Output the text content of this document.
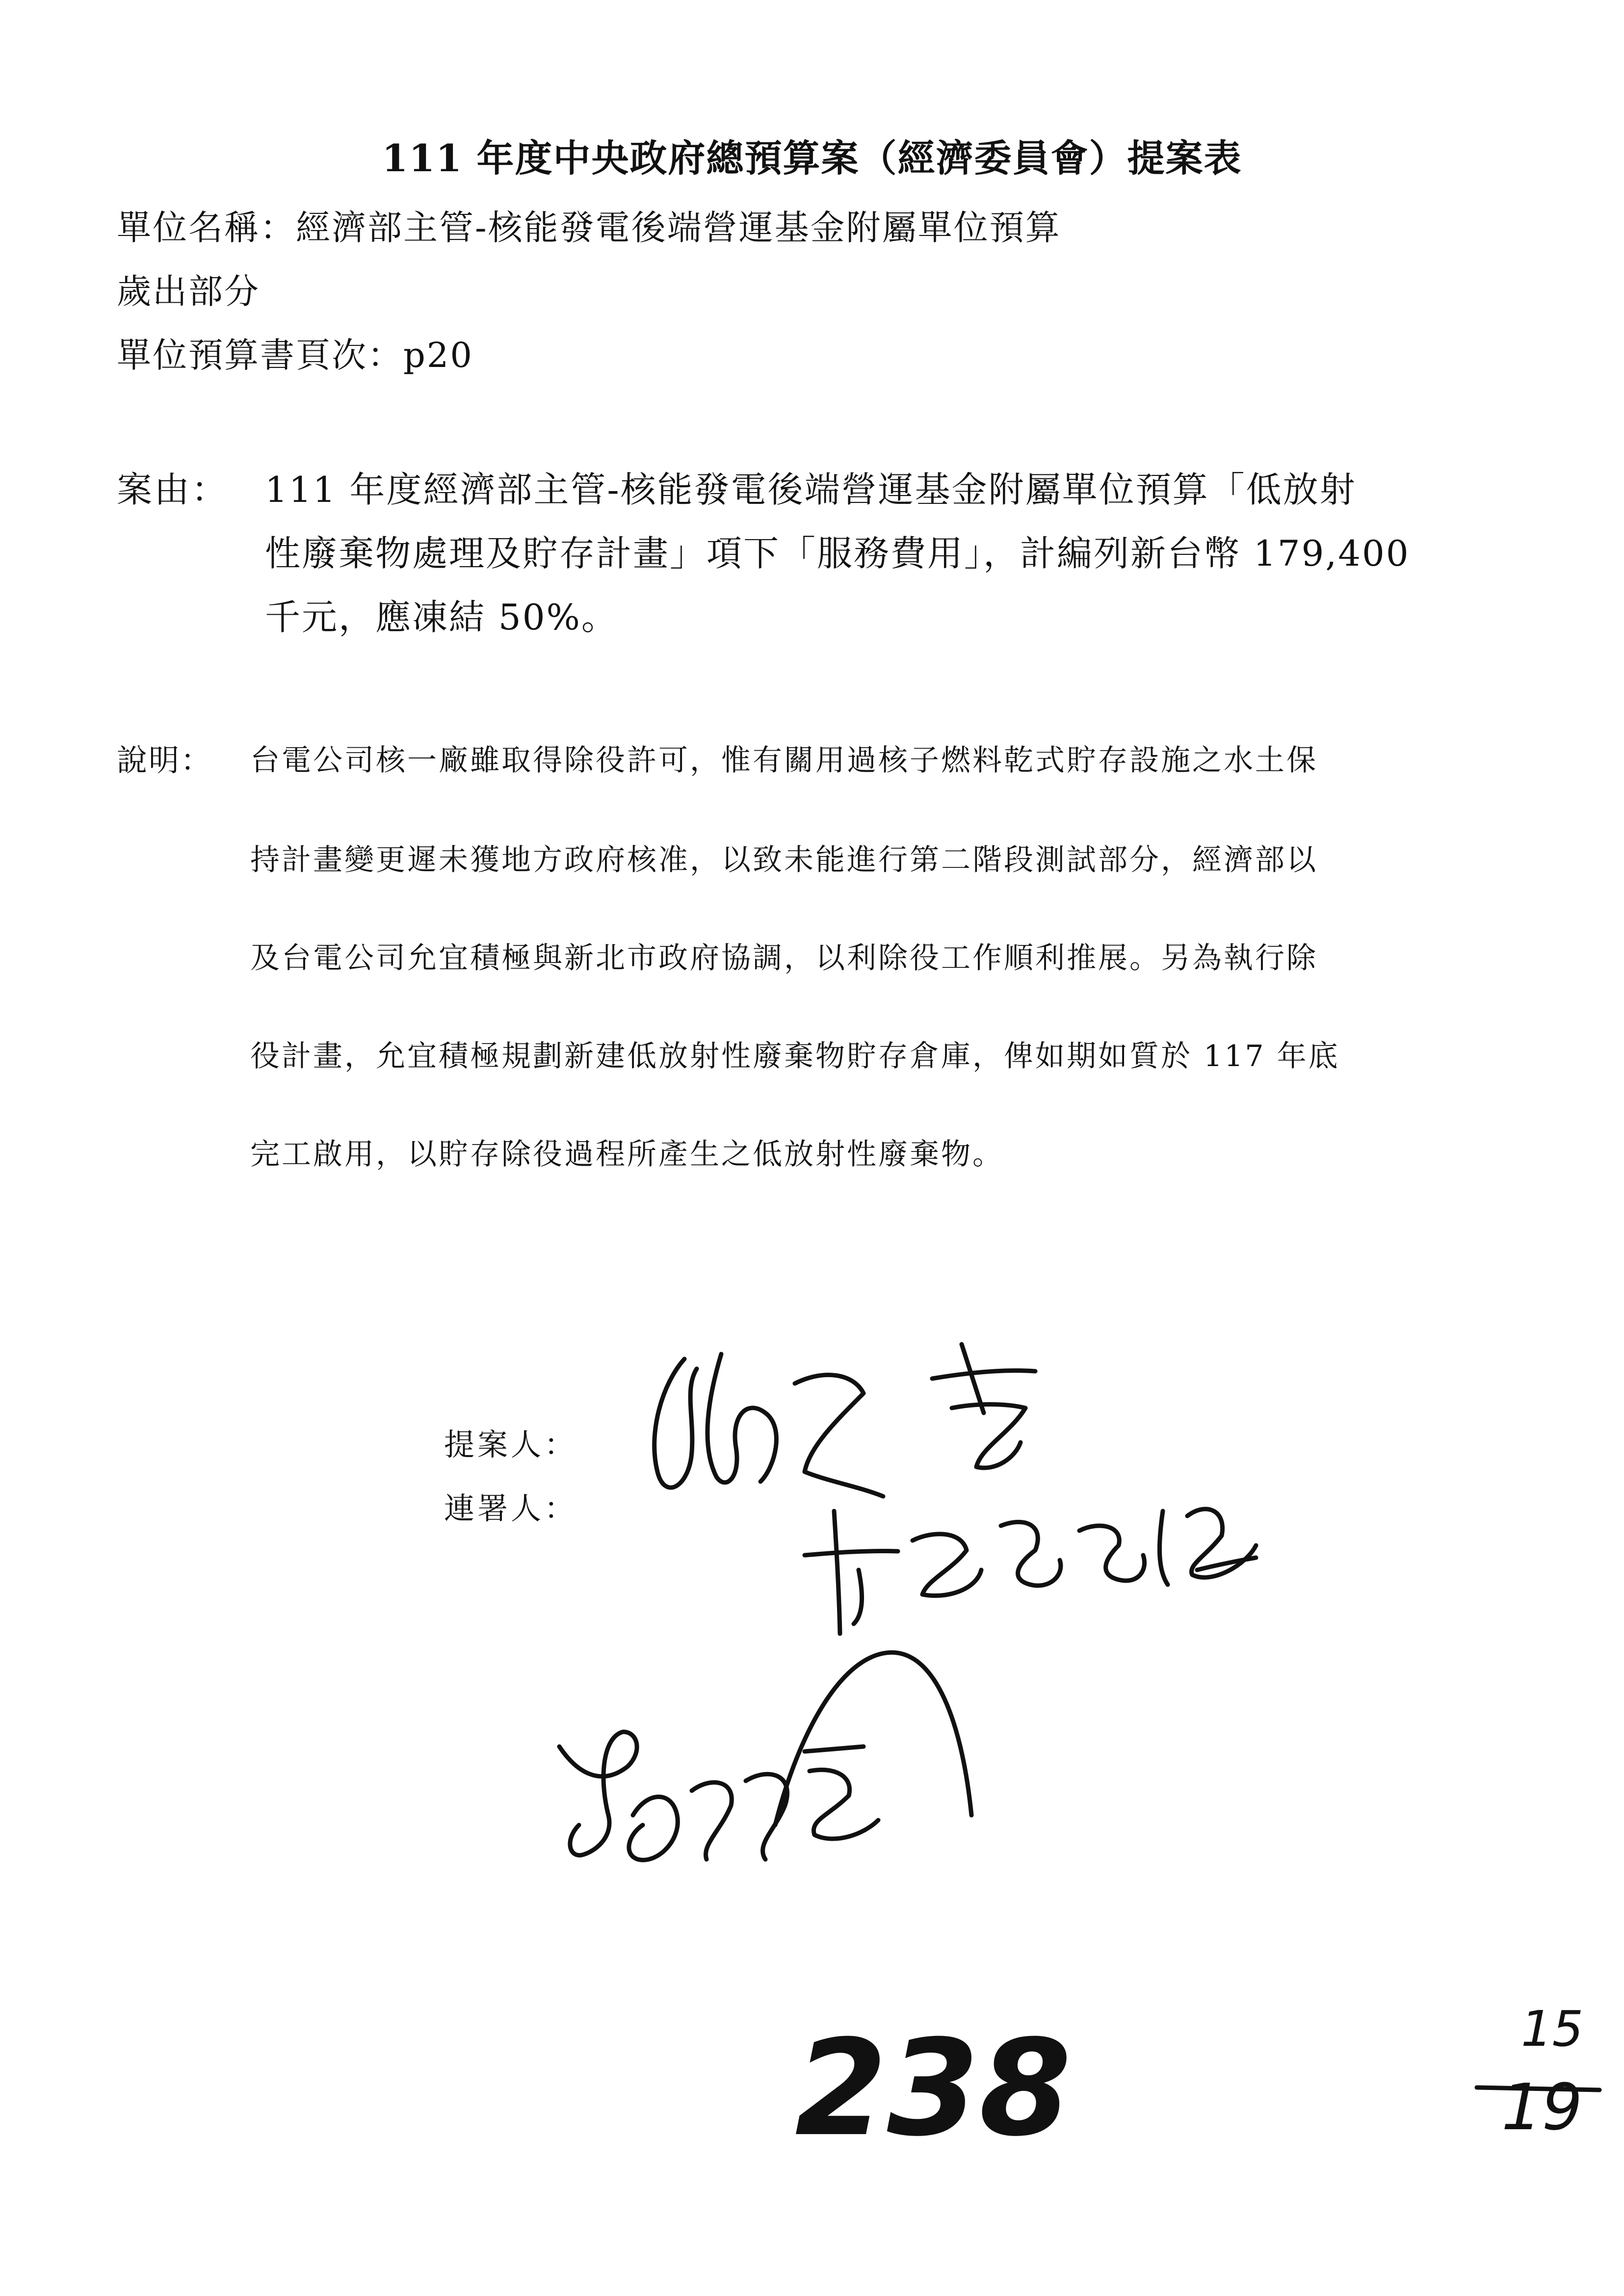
111 年度中央政府總預算案（經濟委員會）提案表
單位名稱：經濟部主管-核能發電後端營運基金附屬單位預算
歲出部分
單位預算書頁次：p20
案由： 111 年度經濟部主管-核能發電後端營運基金附屬單位預算「低放射
性廢棄物處理及貯存計畫」項下「服務費用」，計編列新台幣 179,400
千元，應凍結 50%。
說明： 台電公司核一廠雖取得除役許可，惟有關用過核子燃料乾式貯存設施之水土保
持計畫變更遲未獲地方政府核准，以致未能進行第二階段測試部分，經濟部以
及台電公司允宜積極與新北市政府協調，以利除役工作順利推展。另為執行除
役計畫，允宜積極規劃新建低放射性廢棄物貯存倉庫，俾如期如質於 117 年底
完工啟用，以貯存除役過程所產生之低放射性廢棄物。
提案人：
連署人：
238	15
19
